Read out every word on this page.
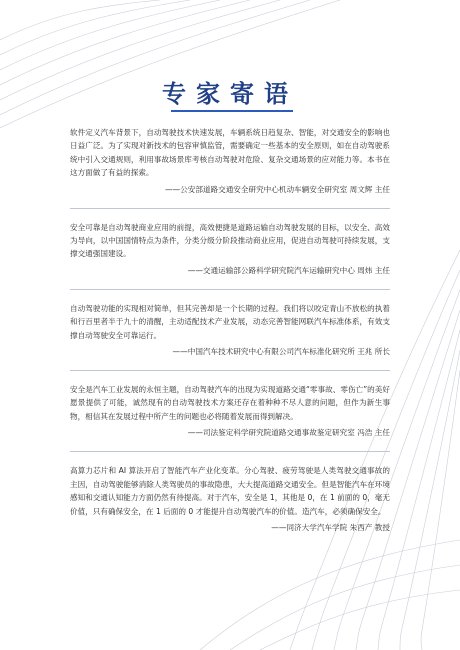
专家寄语

软件定义汽车背景下，自动驾驶技术快速发展，车辆系统日趋复杂、智能，对交通安全的影响也日益广泛。为了实现对新技术的包容审慎监管，需要确定一些基本的安全原则，如在自动驾驶系统中引入交通规则，利用事故场景库考核自动驾驶对危险、复杂交通场景的应对能力等。本书在这方面做了有益的探索。

——公安部道路交通安全研究中心机动车辆安全研究室 周文辉 主任

安全可靠是自动驾驶商业应用的前提，高效便捷是道路运输自动驾驶发展的目标，以安全、高效为导向，以中国国情特点为条件，分类分级分阶段推动商业应用，促进自动驾驶可持续发展，支撑交通强国建设。

——交通运输部公路科学研究院汽车运输研究中心 周炜 主任

自动驾驶功能的实现相对简单，但其完善却是一个长期的过程。我们将以咬定青山不放松的执着和行百里者半于九十的清醒，主动适配技术产业发展，动态完善智能网联汽车标准体系，有效支撑自动驾驶安全可靠运行。

——中国汽车技术研究中心有限公司汽车标准化研究所 王兆 所长

安全是汽车工业发展的永恒主题，自动驾驶汽车的出现为实现道路交通“零事故、零伤亡”的美好愿景提供了可能，诚然现有的自动驾驶技术方案还存在着种种不尽人意的问题，但作为新生事物，相信其在发展过程中所产生的问题也必将随着发展而得到解决。

——司法鉴定科学研究院道路交通事故鉴定研究室 冯浩 主任

高算力芯片和 AI 算法开启了智能汽车产业化变革。分心驾驶、疲劳驾驶是人类驾驶交通事故的主因，自动驾驶能够消除人类驾驶员的事故隐患，大大提高道路交通安全。但是智能汽车在环境感知和交通认知能力方面仍然有待提高。对于汽车，安全是 1，其他是 0，在 1 前面的 0，毫无价值，只有确保安全，在 1 后面的 0 才能提升自动驾驶汽车的价值。造汽车，必须确保安全。

——同济大学汽车学院 朱西产 教授
